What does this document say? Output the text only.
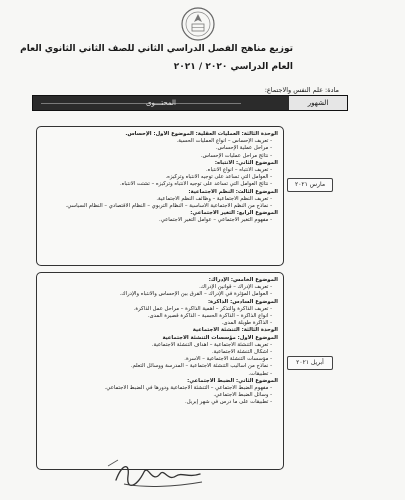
توزيع مناهج الفصل الدراسي الثاني للصف الثاني الثانوي العام
العام الدراسي ٢٠٢٠ / ٢٠٢١
مادة: علم النفس والاجتماع:
المحتـــوى	الشهور
الوحدة الثالثة: العمليات العقلية: الموضوع الأول: الإحساس.
- تعريف الإحساس – أنواع العمليات الحسية.
- مراحل عملية الإحساس.
- نتائج مراحل عمليات الإحساس.
الموضوع الثاني: الانتباه:
- تعريف الانتباه – أنواع الانتباه.
- العوامل التي تساعد على توجيه الانتباه وتركيزه.
- نتائج العوامل التي تساعد على توجيه الانتباه وتركيزه – تشتت الانتباه.
الموضوع الثالث: النظم الاجتماعية:
- تعريف النظم الاجتماعية – وظائف النظم الاجتماعية.
- نماذج من النظم الاجتماعية الأساسية – النظام التربوي – النظام الاقتصادي – النظام السياسي.
الموضوع الرابع: التغير الاجتماعي:
- مفهوم التغير الاجتماعي – عوامل التغير الاجتماعي.
مارس ٢٠٢١
الموضوع الخامس: الإدراك:
- تعريف الإدراك – قوانين الإدراك.
- العوامل المؤثرة في الإدراك – الفرق بين الإحساس والانتباه والإدراك.
الموضوع السادس: الذاكرة:
- تعريف الذاكرة والتذكر – أهمية الذاكرة – مراحل عمل الذاكرة.
- أنواع الذاكرة – الذاكرة الحسية – الذاكرة قصيرة المدى.
- الذاكرة طويلة المدى.
الوحدة الثالثة: التنشئة الاجتماعية
الموضوع الأول: مؤسسات التنشئة الاجتماعية
- تعريف التنشئة الاجتماعية – أهداف التنشئة الاجتماعية.
- أشكال التنشئة الاجتماعية.
- مؤسسات التنشئة الاجتماعية – الأسرة.
- نماذج من أساليب التنشئة الاجتماعية – المدرسة ووسائل التعلم.
- تطبيقات.
الموضوع الثاني: الضبط الاجتماعي:
- مفهوم الضبط الاجتماعي – التنشئة الاجتماعية ودورها في الضبط الاجتماعي.
- وسائل الضبط الاجتماعي.
- تطبيقات على ما درس في شهر إبريل.
أبريل ٢٠٢١
